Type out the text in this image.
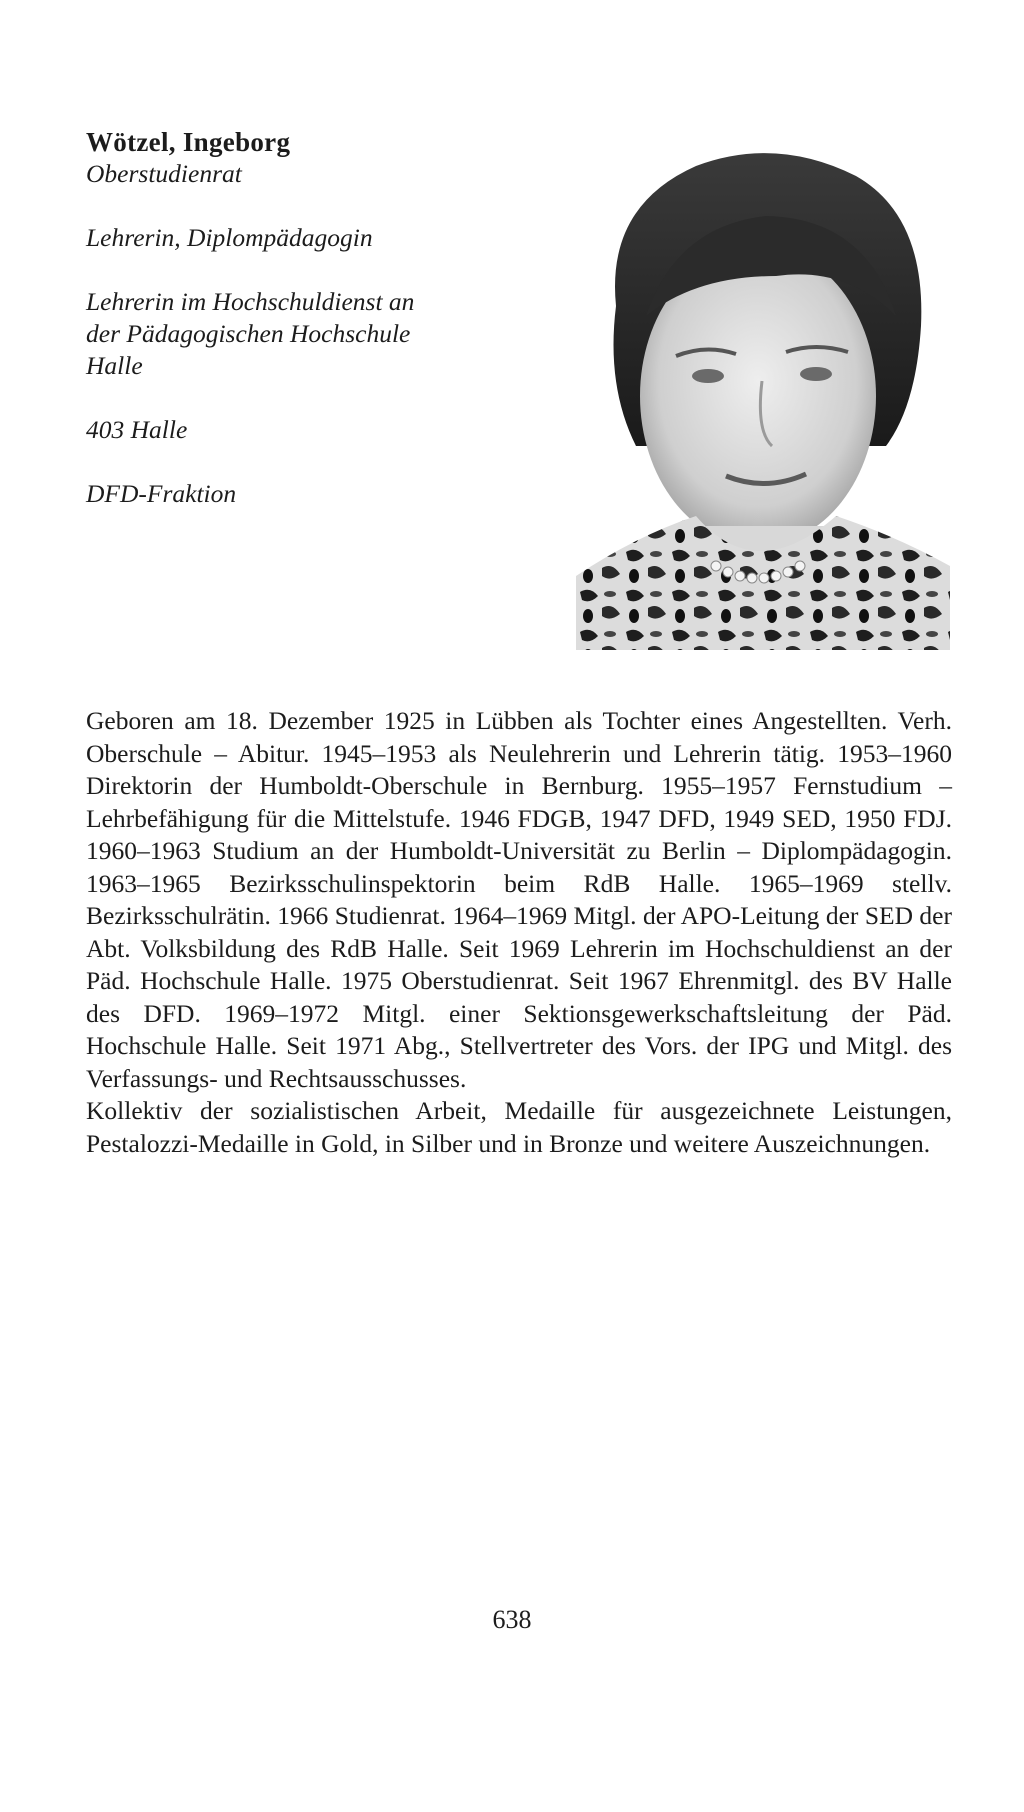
Wötzel, Ingeborg

Oberstudienrat

Lehrerin, Diplompädagogin

Lehrerin im Hochschuldienst an

der Pädagogischen Hochschule

Halle

403 Halle

DFD-Fraktion

Geboren am 18. Dezember 1925 in Lübben als Tochter eines Angestellten. Verh. Oberschule – Abitur. 1945–1953 als Neulehrerin und Lehrerin tätig. 1953–1960 Direktorin der Humboldt-Oberschule in Bernburg. 1955–1957 Fernstudium – Lehrbefähigung für die Mittelstufe. 1946 FDGB, 1947 DFD, 1949 SED, 1950 FDJ. 1960–1963 Studium an der Humboldt-Universität zu Berlin – Diplompädagogin. 1963–1965 Bezirksschulinspektorin beim RdB Halle. 1965–1969 stellv. Bezirksschulrätin. 1966 Studienrat. 1964–1969 Mitgl. der APO-Leitung der SED der Abt. Volksbildung des RdB Halle. Seit 1969 Lehrerin im Hochschuldienst an der Päd. Hochschule Halle. 1975 Oberstudienrat. Seit 1967 Ehrenmitgl. des BV Halle des DFD. 1969–1972 Mitgl. einer Sektionsgewerkschaftsleitung der Päd. Hochschule Halle. Seit 1971 Abg., Stellvertreter des Vors. der IPG und Mitgl. des Verfassungs- und Rechtsausschusses.

Kollektiv der sozialistischen Arbeit, Medaille für ausgezeichnete Leistungen, Pestalozzi-Medaille in Gold, in Silber und in Bronze und weitere Auszeichnungen.

638
